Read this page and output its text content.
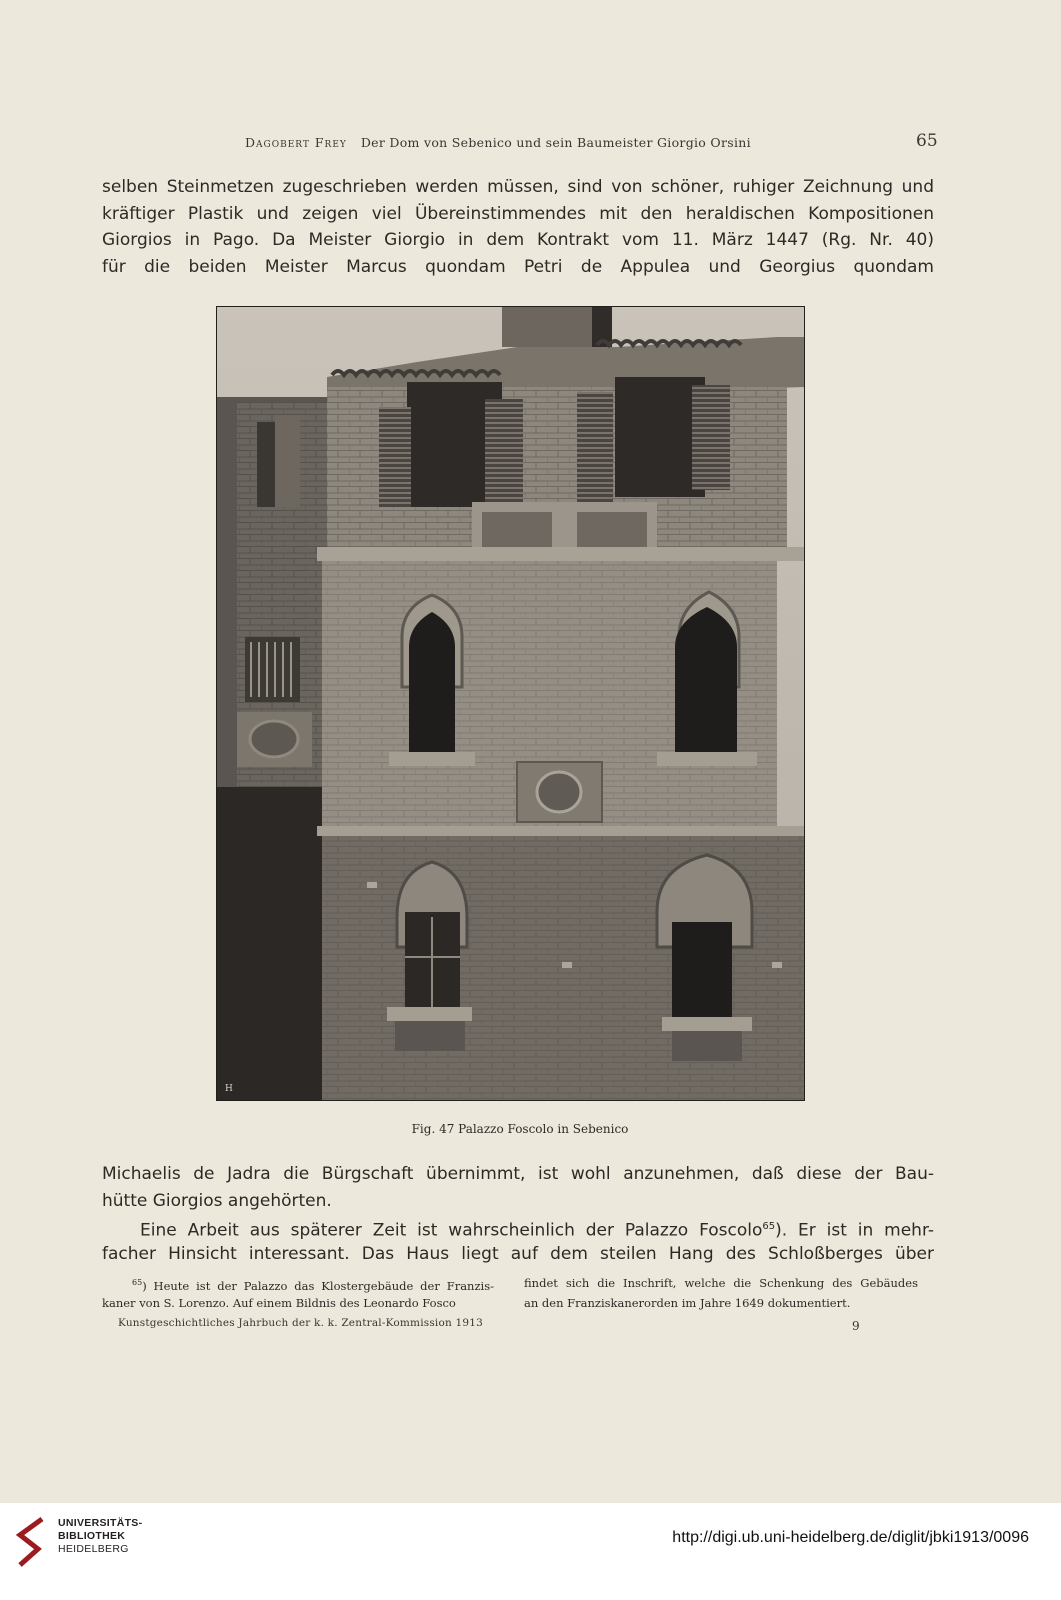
Dagobert Frey Der Dom von Sebenico und sein Baumeister Giorgio Orsini	65
selben Steinmetzen zugeschrieben werden müssen, sind von schöner, ruhiger Zeichnung und
kräftiger Plastik und zeigen viel Übereinstimmendes mit den heraldischen Kompositionen
Giorgios in Pago. Da Meister Giorgio in dem Kontrakt vom 11. März 1447 (Rg. Nr. 40)
für die beiden Meister Marcus quondam Petri de Appulea und Georgius quondam
H
Fig. 47 Palazzo Foscolo in Sebenico
Michaelis de Jadra die Bürgschaft übernimmt, ist wohl anzunehmen, daß diese der Bau-
hütte Giorgios angehörten.
Eine Arbeit aus späterer Zeit ist wahrscheinlich der Palazzo Foscolo$^{65}$). Er ist in mehr-
facher Hinsicht interessant. Das Haus liegt auf dem steilen Hang des Schloßberges über
$^{65}$) Heute ist der Palazzo das Klostergebäude der Franzis-
kaner von S. Lorenzo. Auf einem Bildnis des Leonardo Fosco
findet sich die Inschrift, welche die Schenkung des Gebäudes
an den Franziskanerorden im Jahre 1649 dokumentiert.
Kunstgeschichtliches Jahrbuch der k. k. Zentral-Kommission 1913	9
UNIVERSITÄTS-
BIBLIOTHEK
HEIDELBERG
http://digi.ub.uni-heidelberg.de/diglit/jbki1913/0096
